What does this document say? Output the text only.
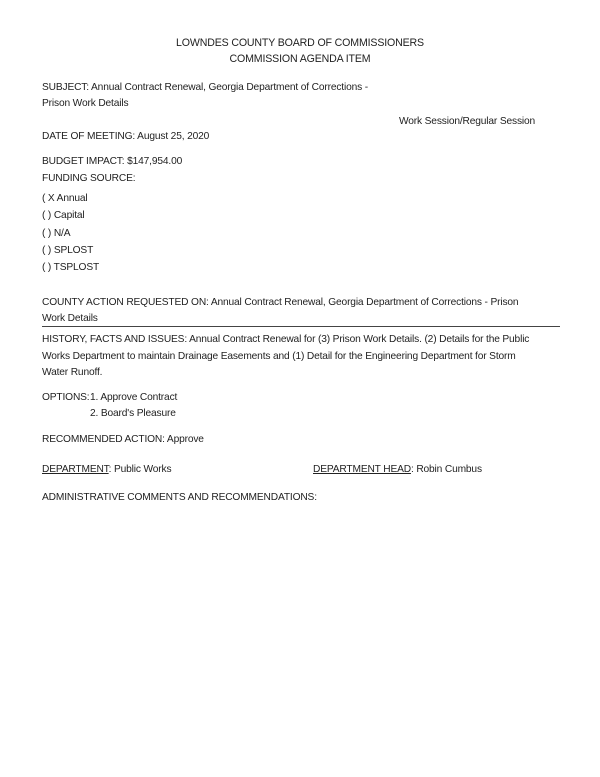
LOWNDES COUNTY BOARD OF COMMISSIONERS
COMMISSION AGENDA ITEM
SUBJECT: Annual Contract Renewal, Georgia Department of Corrections -
Prison Work Details
Work Session/Regular Session
DATE OF MEETING: August 25, 2020
BUDGET IMPACT: $147,954.00
FUNDING SOURCE:
( X Annual
( ) Capital
( ) N/A
( ) SPLOST
( ) TSPLOST
COUNTY ACTION REQUESTED ON: Annual Contract Renewal, Georgia Department of Corrections - Prison
Work Details
HISTORY, FACTS AND ISSUES: Annual Contract Renewal for (3) Prison Work Details. (2) Details for the Public
Works Department to maintain Drainage Easements and (1) Detail for the Engineering Department for Storm
Water Runoff.
OPTIONS: 1. Approve Contract
2. Board's Pleasure
RECOMMENDED ACTION: Approve
DEPARTMENT: Public Works	DEPARTMENT HEAD: Robin Cumbus
ADMINISTRATIVE COMMENTS AND RECOMMENDATIONS:
